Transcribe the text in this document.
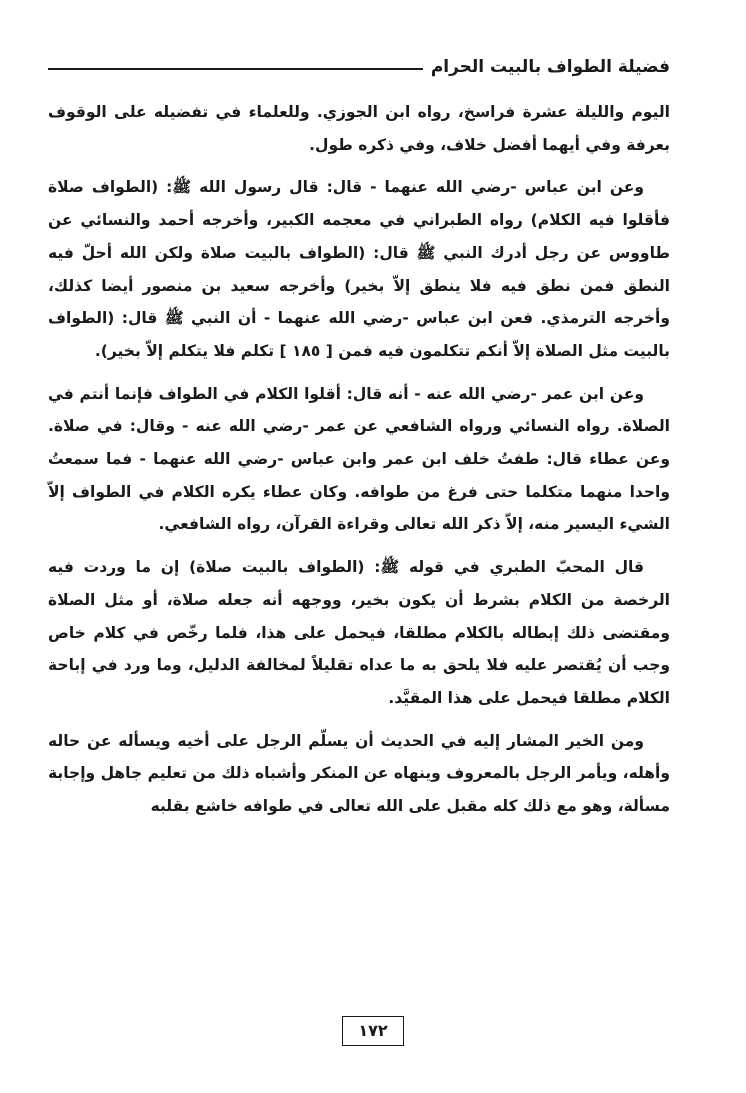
فضيلة الطواف بالبيت الحرام

اليوم والليلة عشرة فراسخ، رواه ابن الجوزي. وللعلماء في تفضيله على الوقوف بعرفة وفي أيهما أفضل خلاف، وفي ذكره طول.

وعن ابن عباس -رضي الله عنهما - قال: قال رسول الله ﷺ: (الطواف صلاة فأقلوا فيه الكلام) رواه الطبراني في معجمه الكبير، وأخرجه أحمد والنسائي عن طاووس عن رجل أدرك النبي ﷺ قال: (الطواف بالبيت صلاة ولكن الله أحلّ فيه النطق فمن نطق فيه فلا ينطق إلاّ بخير) وأخرجه سعيد بن منصور أيضا كذلك، وأخرجه الترمذي. فعن ابن عباس -رضي الله عنهما - أن النبي ﷺ قال: (الطواف بالبيت مثل الصلاة إلاّ أنكم تتكلمون فيه فمن [ ١٨٥ ] تكلم فلا يتكلم إلاّ بخير).

وعن ابن عمر -رضي الله عنه - أنه قال: أقلوا الكلام في الطواف فإنما أنتم في الصلاة. رواه النسائي ورواه الشافعي عن عمر -رضي الله عنه - وقال: في صلاة. وعن عطاء قال: طفتُ خلف ابن عمر وابن عباس -رضي الله عنهما - فما سمعتُ واحدا منهما متكلما حتى فرغ من طوافه. وكان عطاء يكره الكلام في الطواف إلاّ الشيء اليسير منه، إلاّ ذكر الله تعالى وقراءة القرآن، رواه الشافعي.

قال المحبّ الطبري في قوله ﷺ: (الطواف بالبيت صلاة) إن ما وردت فيه الرخصة من الكلام بشرط أن يكون بخير، ووجهه أنه جعله صلاة، أو مثل الصلاة ومقتضى ذلك إبطاله بالكلام مطلقا، فيحمل على هذا، فلما رخّص في كلام خاص وجب أن يُقتصر عليه فلا يلحق به ما عداه تقليلاً لمخالفة الدليل، وما ورد في إباحة الكلام مطلقا فيحمل على هذا المقيَّد.

ومن الخير المشار إليه في الحديث أن يسلّم الرجل على أخيه ويسأله عن حاله وأهله، ويأمر الرجل بالمعروف وينهاه عن المنكر وأشباه ذلك من تعليم جاهل وإجابة مسألة، وهو مع ذلك كله مقبل على الله تعالى في طوافه خاشع بقلبه

١٧٢
